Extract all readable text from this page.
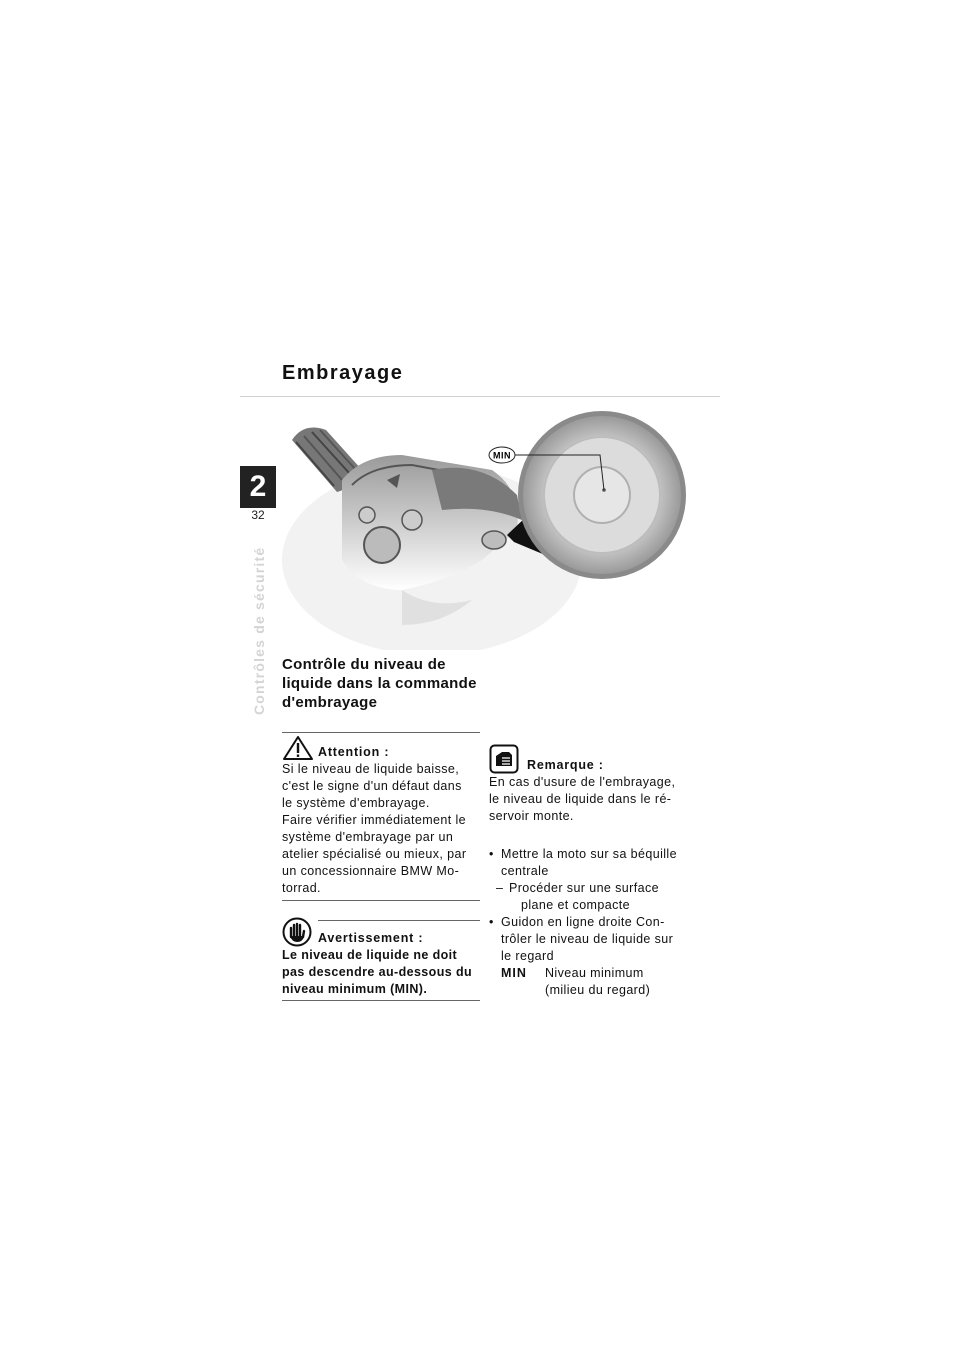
Embrayage
2
32
Contrôles de sécurité
MIN
Contrôle du niveau de liquide dans la commande d'embrayage
Attention :

Si le niveau de liquide baisse,

c'est le signe d'un défaut dans

le système d'embrayage.

Faire vérifier immédiatement le

système d'embrayage par un

atelier spécialisé ou mieux, par

un concessionnaire BMW Mo-

torrad.

Avertissement :

Le niveau de liquide ne doit

pas descendre au-dessous du

niveau minimum (MIN).

Remarque :

En cas d'usure de l'embrayage,

le niveau de liquide dans le ré-

servoir monte.

• Mettre la moto sur sa béquille
centrale
– Procéder sur une surface
plane et compacte
• Guidon en ligne droite Con-
trôler le niveau de liquide sur
le regard
MIN Niveau minimum
(milieu du regard)
